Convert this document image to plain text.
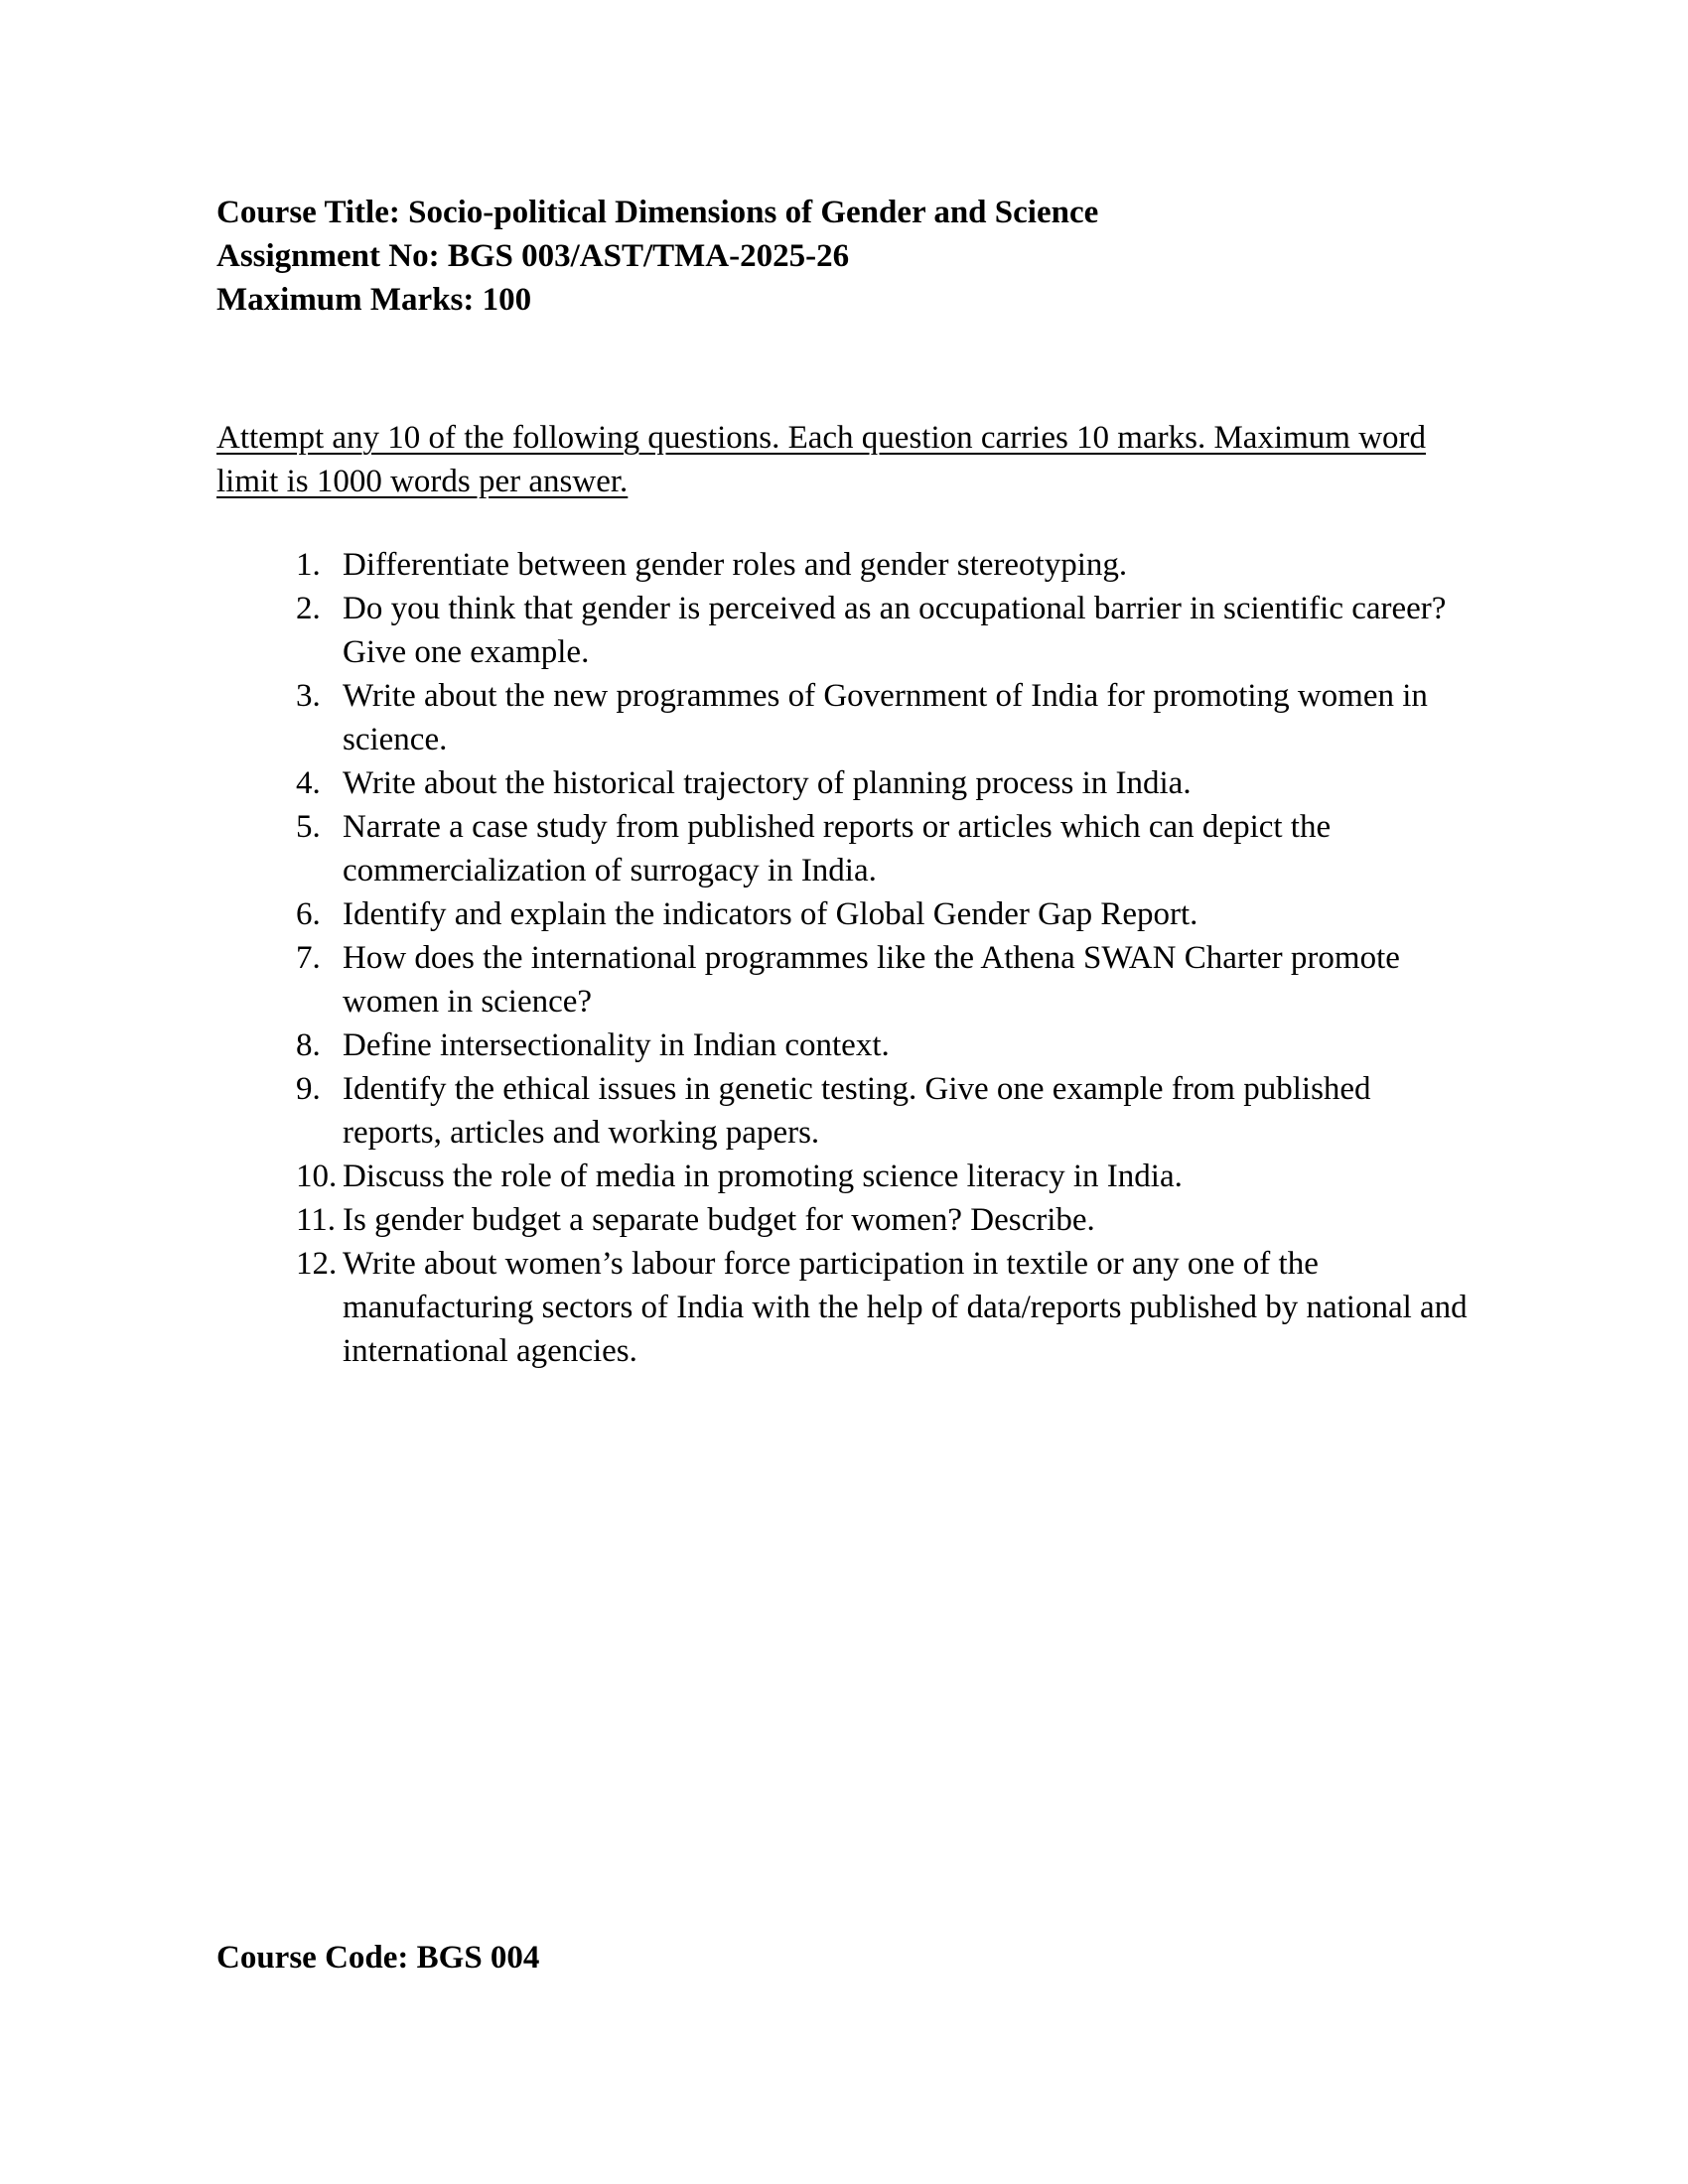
Course Title: Socio-political Dimensions of Gender and Science

Assignment No: BGS 003/AST/TMA-2025-26

Maximum Marks: 100

Attempt any 10 of the following questions. Each question carries 10 marks. Maximum word limit is 1000 words per answer.

1. Differentiate between gender roles and gender stereotyping.
2. Do you think that gender is perceived as an occupational barrier in scientific career? Give one example.
3. Write about the new programmes of Government of India for promoting women in science.
4. Write about the historical trajectory of planning process in India.
5. Narrate a case study from published reports or articles which can depict the commercialization of surrogacy in India.
6. Identify and explain the indicators of Global Gender Gap Report.
7. How does the international programmes like the Athena SWAN Charter promote women in science?
8. Define intersectionality in Indian context.
9. Identify the ethical issues in genetic testing. Give one example from published reports, articles and working papers.
10. Discuss the role of media in promoting science literacy in India.
11. Is gender budget a separate budget for women? Describe.
12. Write about women’s labour force participation in textile or any one of the manufacturing sectors of India with the help of data/reports published by national and international agencies.

Course Code: BGS 004
